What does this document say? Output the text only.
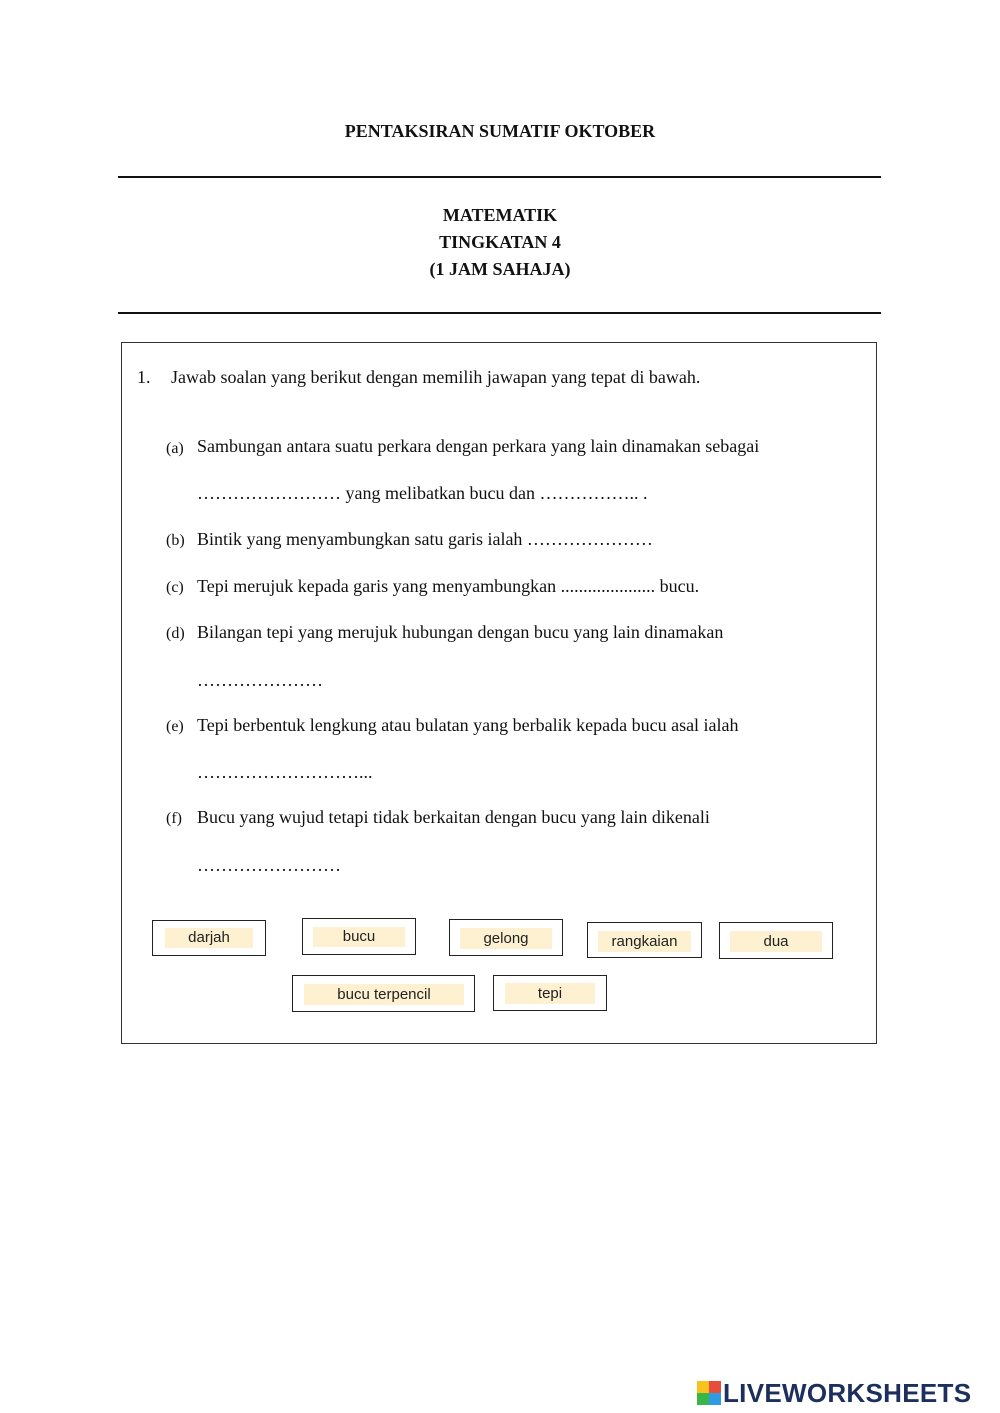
PENTAKSIRAN SUMATIF OKTOBER
MATEMATIK
TINGKATAN 4
(1 JAM SAHAJA)
1. Jawab soalan yang berikut dengan memilih jawapan yang tepat di bawah.
(a) Sambungan antara suatu perkara dengan perkara yang lain dinamakan sebagai
…………………… yang melibatkan bucu dan …………….. .
(b) Bintik yang menyambungkan satu garis ialah …………………
(c) Tepi merujuk kepada garis yang menyambungkan ..................... bucu.
(d) Bilangan tepi yang merujuk hubungan dengan bucu yang lain dinamakan
…………………
(e) Tepi berbentuk lengkung atau bulatan yang berbalik kepada bucu asal ialah
………………………...
(f) Bucu yang wujud tetapi tidak berkaitan dengan bucu yang lain dikenali
……………………
darjah	bucu	gelong	rangkaian	dua
bucu terpencil	tepi
LIVEWORKSHEETS
